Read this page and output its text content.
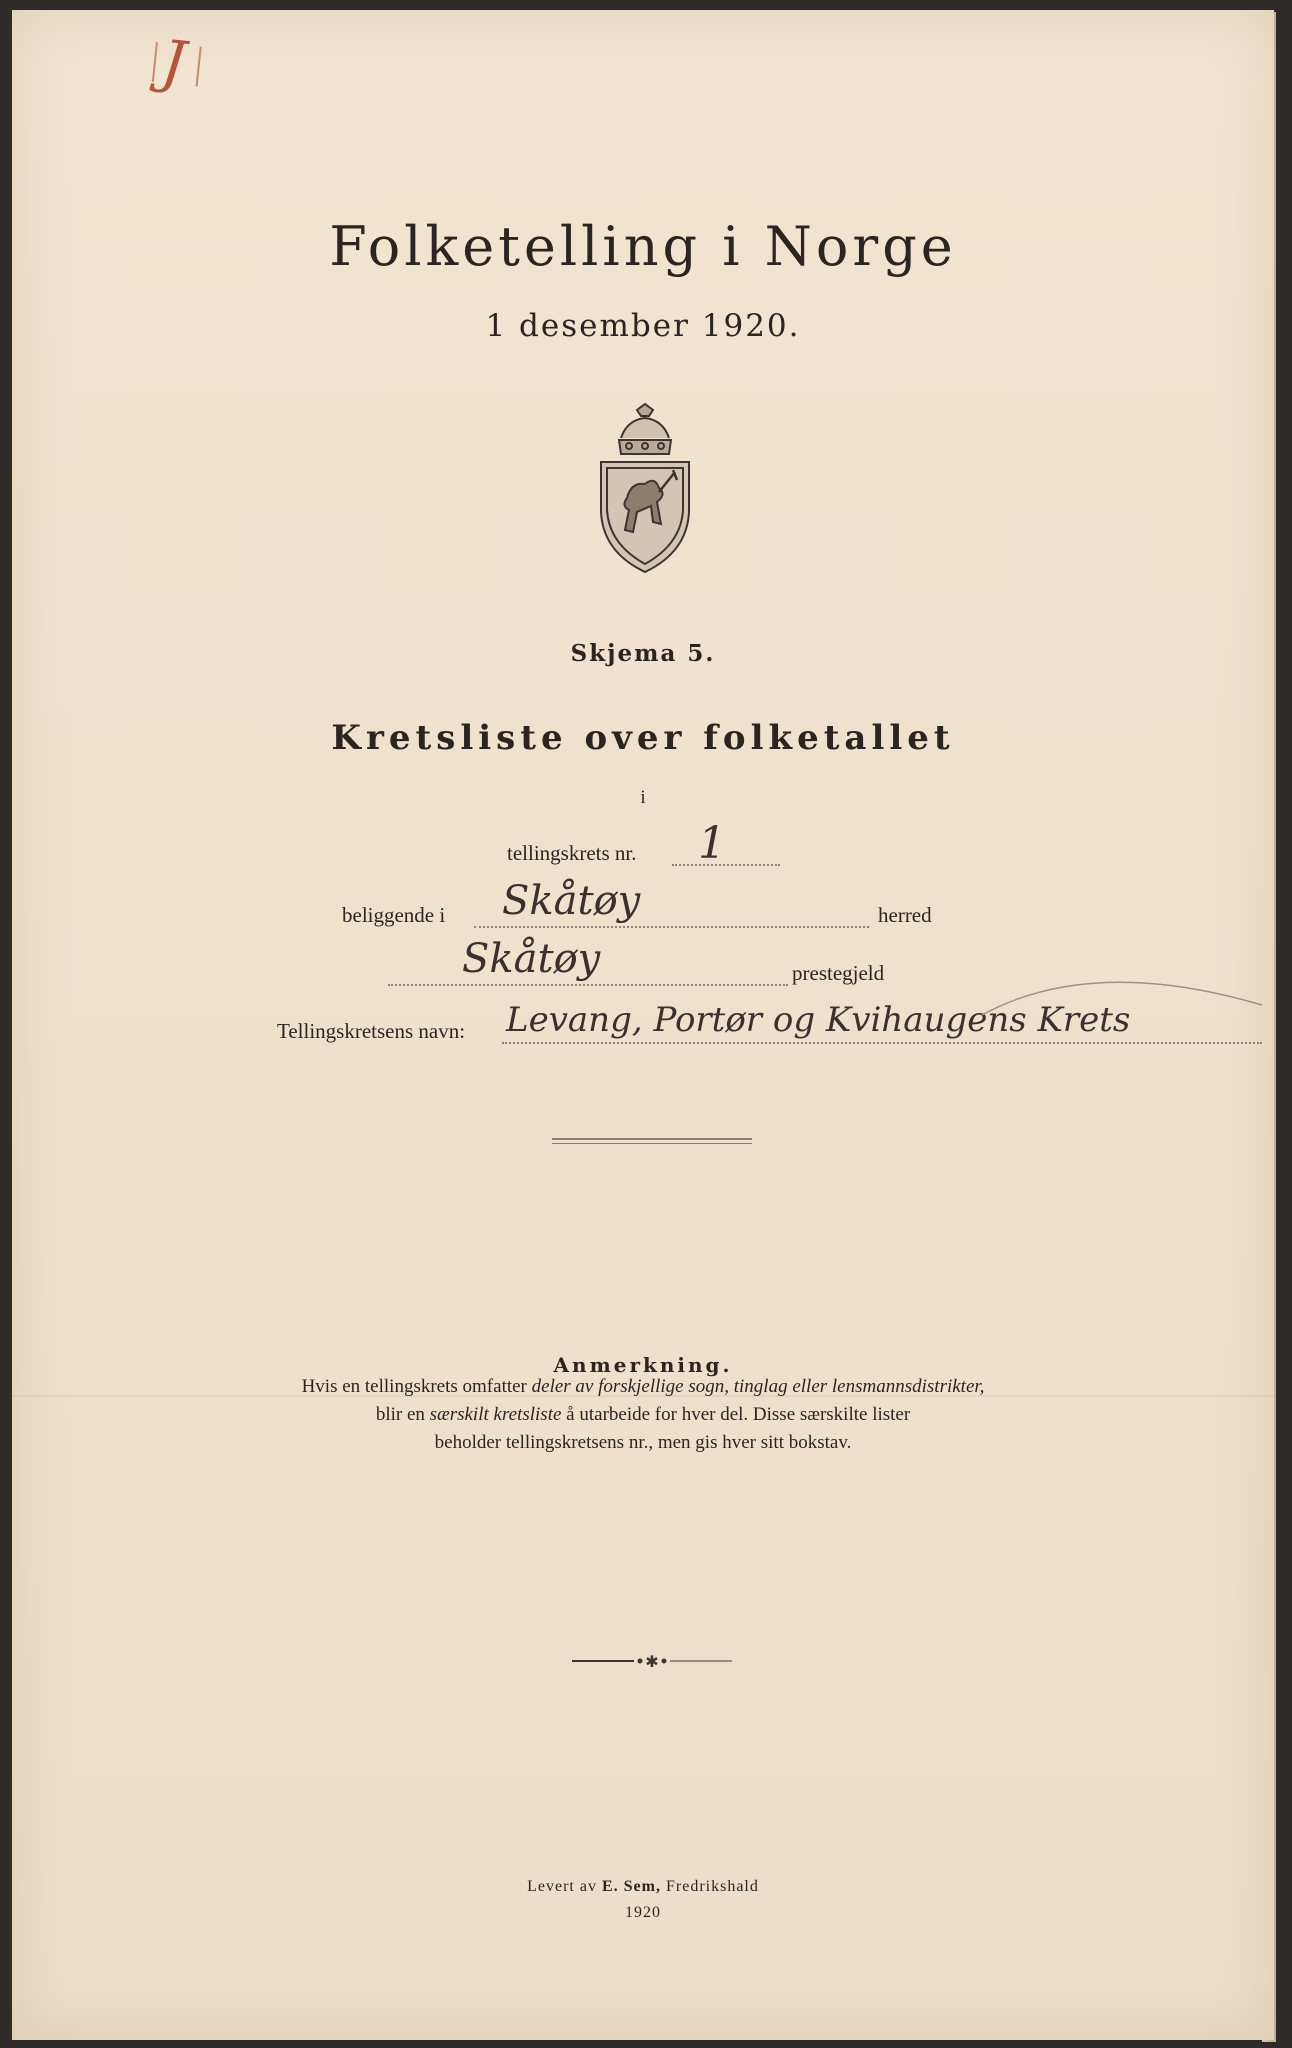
J
Folketelling i Norge
1 desember 1920.
Skjema 5.
Kretsliste over folketallet
i
tellingskrets nr. 1
beliggende i Skåtøy	herred
Skåtøy	prestegjeld
Tellingskretsens navn: Levang, Portør og Kvihaugens Krets
Anmerkning.
Hvis en tellingskrets omfatter deler av forskjellige sogn, tinglag eller lensmannsdistrikter,
blir en særskilt kretsliste å utarbeide for hver del. Disse særskilte lister
beholder tellingskretsens nr., men gis hver sitt bokstav.
✱
Levert av E. Sem, Fredrikshald
1920
